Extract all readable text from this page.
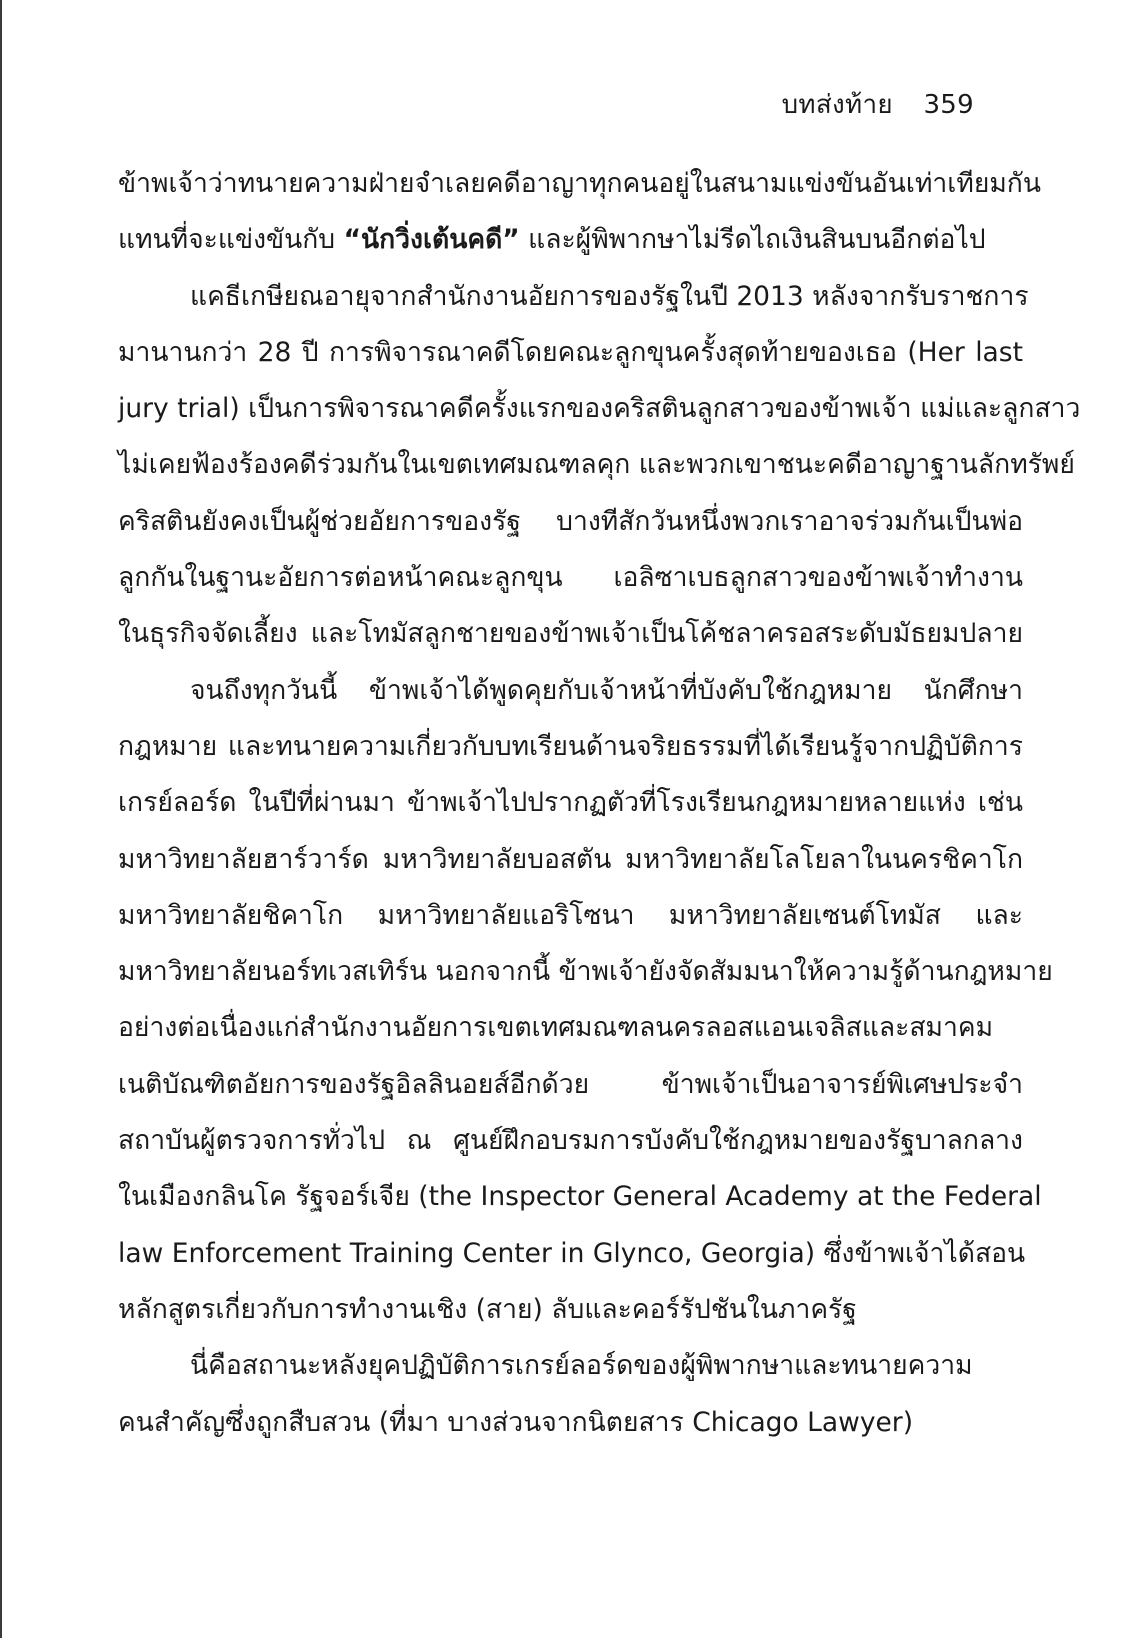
บทส่งท้าย 359
ข้าพเจ้าว่าทนายความฝ่ายจำเลยคดีอาญาทุกคนอยู่ในสนามแข่งขันอันเท่าเทียมกัน
แทนที่จะแข่งขันกับ “นักวิ่งเต้นคดี” และผู้พิพากษาไม่รีดไถเงินสินบนอีกต่อไป
แคธีเกษียณอายุจากสำนักงานอัยการของรัฐในปี 2013 หลังจากรับราชการ
มานานกว่า 28 ปี การพิจารณาคดีโดยคณะลูกขุนครั้งสุดท้ายของเธอ (Her last
jury trial) เป็นการพิจารณาคดีครั้งแรกของคริสตินลูกสาวของข้าพเจ้า แม่และลูกสาว
ไม่เคยฟ้องร้องคดีร่วมกันในเขตเทศมณฑลคุก และพวกเขาชนะคดีอาญาฐานลักทรัพย์
คริสตินยังคงเป็นผู้ช่วยอัยการของรัฐ บางทีสักวันหนึ่งพวกเราอาจร่วมกันเป็นพ่อ
ลูกกันในฐานะอัยการต่อหน้าคณะลูกขุน เอลิซาเบธลูกสาวของข้าพเจ้าทำงาน
ในธุรกิจจัดเลี้ยง และโทมัสลูกชายของข้าพเจ้าเป็นโค้ชลาครอสระดับมัธยมปลาย
จนถึงทุกวันนี้ ข้าพเจ้าได้พูดคุยกับเจ้าหน้าที่บังคับใช้กฎหมาย นักศึกษา
กฎหมาย และทนายความเกี่ยวกับบทเรียนด้านจริยธรรมที่ได้เรียนรู้จากปฏิบัติการ
เกรย์ลอร์ด ในปีที่ผ่านมา ข้าพเจ้าไปปรากฏตัวที่โรงเรียนกฎหมายหลายแห่ง เช่น
มหาวิทยาลัยฮาร์วาร์ด มหาวิทยาลัยบอสตัน มหาวิทยาลัยโลโยลาในนครชิคาโก
มหาวิทยาลัยชิคาโก มหาวิทยาลัยแอริโซนา มหาวิทยาลัยเซนต์โทมัส และ
มหาวิทยาลัยนอร์ทเวสเทิร์น นอกจากนี้ ข้าพเจ้ายังจัดสัมมนาให้ความรู้ด้านกฎหมาย
อย่างต่อเนื่องแก่สำนักงานอัยการเขตเทศมณฑลนครลอสแอนเจลิสและสมาคม
เนติบัณฑิตอัยการของรัฐอิลลินอยส์อีกด้วย ข้าพเจ้าเป็นอาจารย์พิเศษประจำ
สถาบันผู้ตรวจการทั่วไป ณ ศูนย์ฝึกอบรมการบังคับใช้กฎหมายของรัฐบาลกลาง
ในเมืองกลินโค รัฐจอร์เจีย (the Inspector General Academy at the Federal
law Enforcement Training Center in Glynco, Georgia) ซึ่งข้าพเจ้าได้สอน
หลักสูตรเกี่ยวกับการทำงานเชิง (สาย) ลับและคอร์รัปชันในภาครัฐ
นี่คือสถานะหลังยุคปฏิบัติการเกรย์ลอร์ดของผู้พิพากษาและทนายความ
คนสำคัญซึ่งถูกสืบสวน (ที่มา บางส่วนจากนิตยสาร Chicago Lawyer)
